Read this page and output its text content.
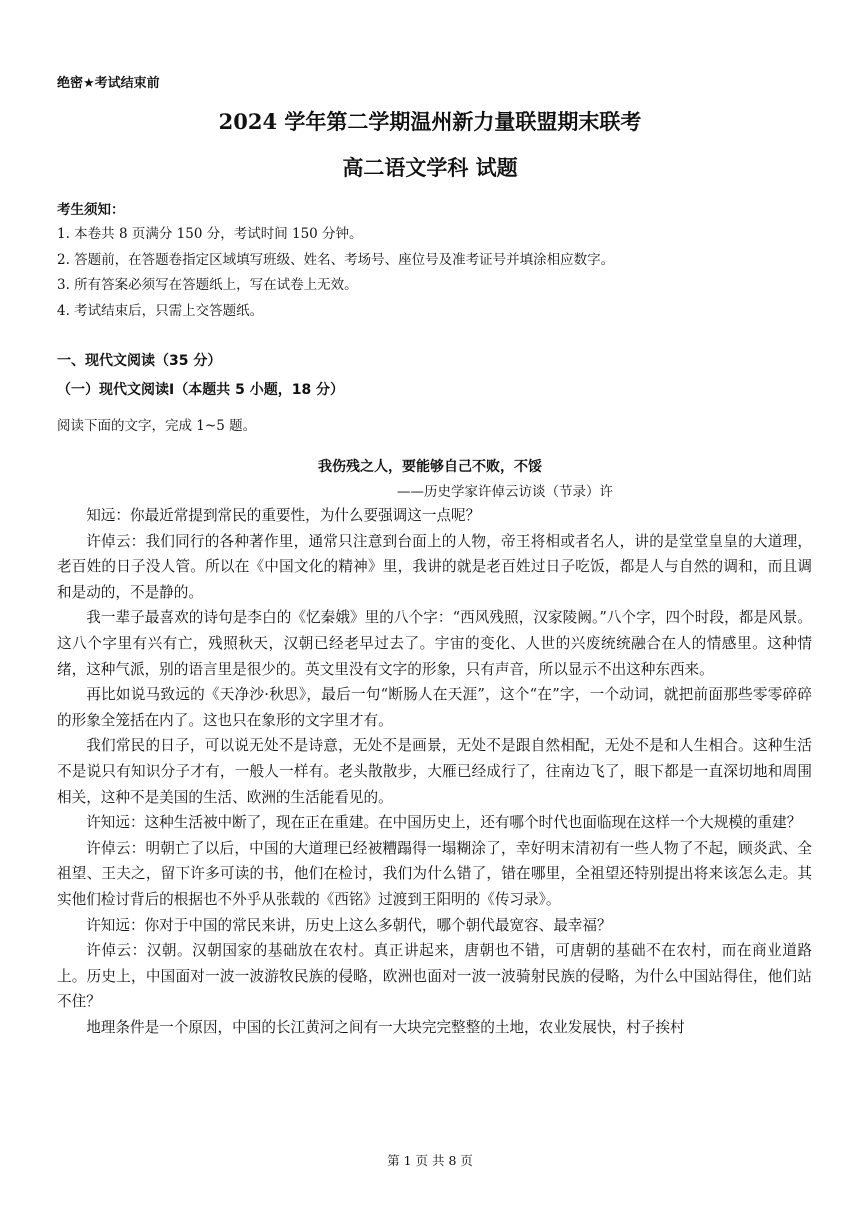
绝密★考试结束前
2024 学年第二学期温州新力量联盟期末联考
高二语文学科 试题
考生须知：
1. 本卷共 8 页满分 150 分，考试时间 150 分钟。
2. 答题前，在答题卷指定区域填写班级、姓名、考场号、座位号及准考证号并填涂相应数字。
3. 所有答案必须写在答题纸上，写在试卷上无效。
4. 考试结束后，只需上交答题纸。
一、现代文阅读（35 分）
（一）现代文阅读Ⅰ（本题共 5 小题，18 分）
阅读下面的文字，完成 1~5 题。
我伤残之人，要能够自己不败，不馁
——历史学家许倬云访谈（节录）许

知远：你最近常提到常民的重要性，为什么要强调这一点呢？

许倬云：我们同行的各种著作里，通常只注意到台面上的人物，帝王将相或者名人，讲的是堂堂皇皇的大道理，老百姓的日子没人管。所以在《中国文化的精神》里，我讲的就是老百姓过日子吃饭，都是人与自然的调和，而且调和是动的，不是静的。

我一辈子最喜欢的诗句是李白的《忆秦娥》里的八个字：“西风残照，汉家陵阙。”八个字，四个时段，都是风景。这八个字里有兴有亡，残照秋天，汉朝已经老早过去了。宇宙的变化、人世的兴废统统融合在人的情感里。这种情绪，这种气派，别的语言里是很少的。英文里没有文字的形象，只有声音，所以显示不出这种东西来。

再比如说马致远的《天净沙·秋思》，最后一句“断肠人在天涯”，这个“在”字，一个动词，就把前面那些零零碎碎的形象全笼括在内了。这也只在象形的文字里才有。

我们常民的日子，可以说无处不是诗意，无处不是画景，无处不是跟自然相配，无处不是和人生相合。这种生活不是说只有知识分子才有，一般人一样有。老头散散步，大雁已经成行了，往南边飞了，眼下都是一直深切地和周围相关，这种不是美国的生活、欧洲的生活能看见的。

许知远：这种生活被中断了，现在正在重建。在中国历史上，还有哪个时代也面临现在这样一个大规模的重建？

许倬云：明朝亡了以后，中国的大道理已经被糟蹋得一塌糊涂了，幸好明末清初有一些人物了不起，顾炎武、全祖望、王夫之，留下许多可读的书，他们在检讨，我们为什么错了，错在哪里，全祖望还特别提出将来该怎么走。其实他们检讨背后的根据也不外乎从张载的《西铭》过渡到王阳明的《传习录》。

许知远：你对于中国的常民来讲，历史上这么多朝代，哪个朝代最宽容、最幸福？

许倬云：汉朝。汉朝国家的基础放在农村。真正讲起来，唐朝也不错，可唐朝的基础不在农村，而在商业道路上。历史上，中国面对一波一波游牧民族的侵略，欧洲也面对一波一波骑射民族的侵略，为什么中国站得住，他们站不住？

地理条件是一个原因，中国的长江黄河之间有一大块完完整整的土地，农业发展快，村子挨村

第 1 页 共 8 页
